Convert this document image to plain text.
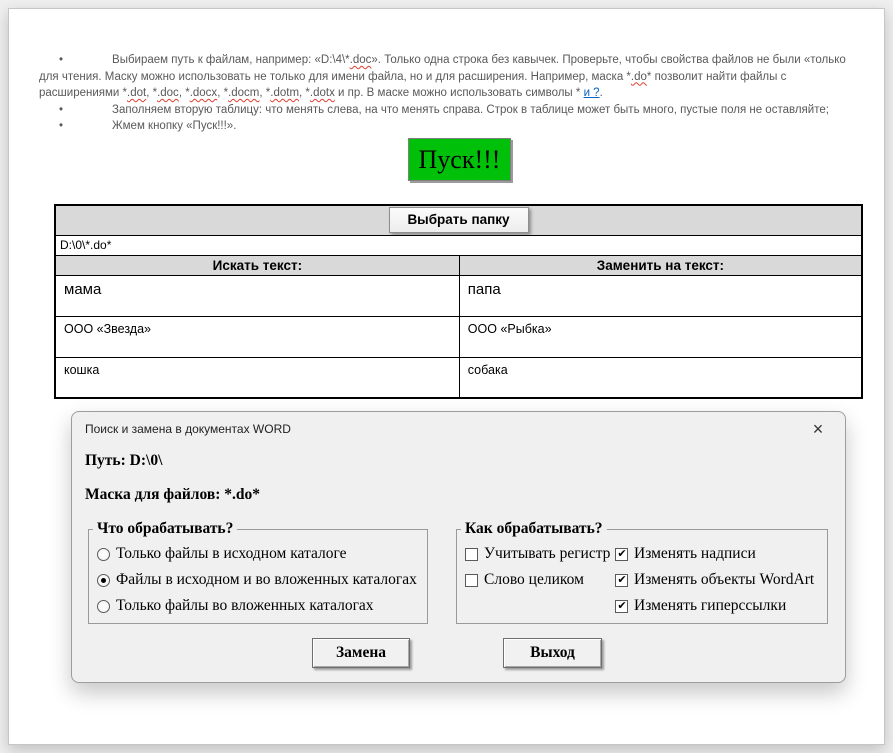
•	Выбираем путь к файлам, например: «D:\4\*.doc». Только одна строка без кавычек. Проверьте, чтобы свойства файлов не были «только для чтения. Маску можно использовать не только для имени файла, но и для расширения. Например, маска *.do* позволит найти файлы с расширениями *.dot, *.doc, *.docx, *.docm, *.dotm, *.dotx и пр. В маске можно использовать символы * и ?.
•	Заполняем вторую таблицу: что менять слева, на что менять справа. Строк в таблице может быть много, пустые поля не оставляйте;
•	Жмем кнопку «Пуск!!!».
Пуск!!!
Выбрать папку	
D:\0\*.do*	
Искать текст:	Заменить на текст:
мама	папа
ООО «Звезда»	ООО «Рыбка»
кошка	собака
Поиск и замена в документах WORD	×
Путь: D:\0\
Маска для файлов: *.do*
Что обрабатывать?
Только файлы в исходном каталоге
Файлы в исходном и во вложенных каталогах
Только файлы во вложенных каталогах
Как обрабатывать?
Учитывать регистр
Слово целиком
✔
Изменять надписи
✔
Изменять объекты WordArt
✔
Изменять гиперссылки
Замена	Выход
